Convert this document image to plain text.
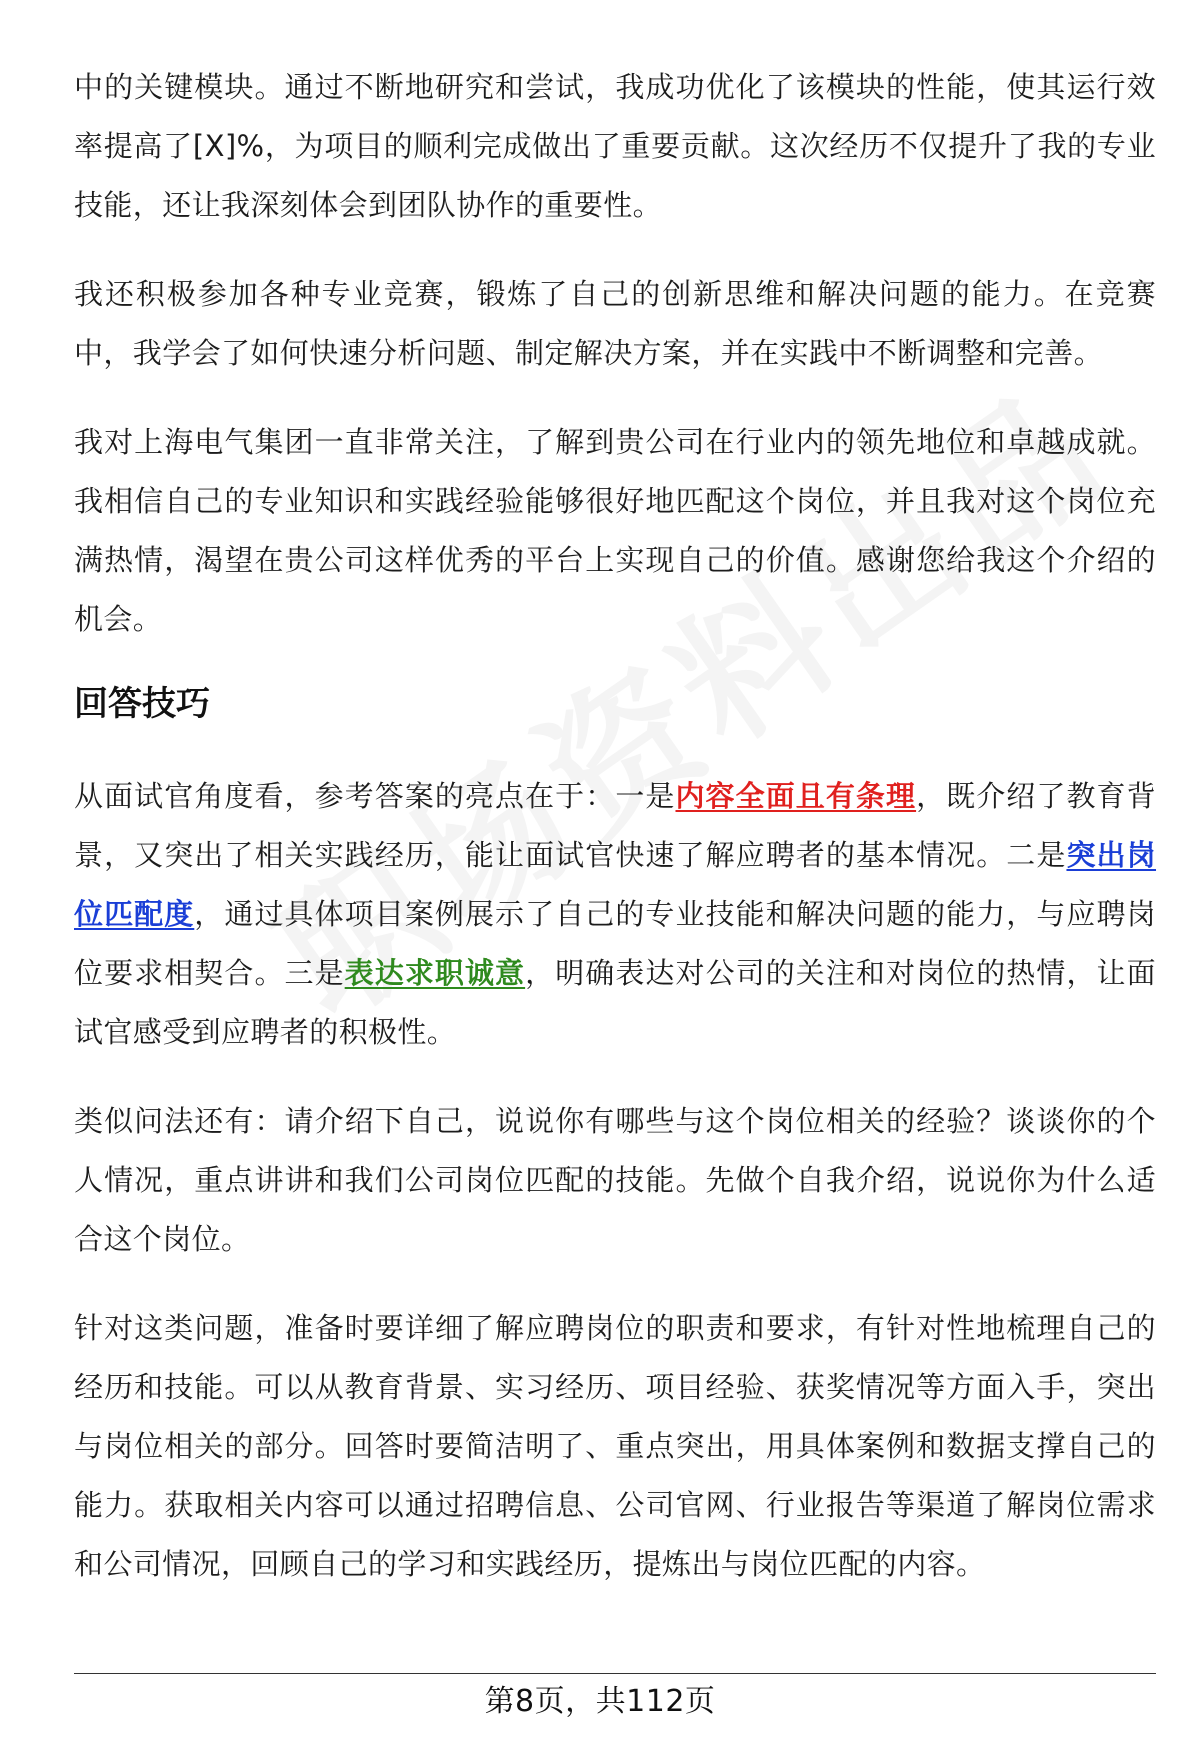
中的关键模块。通过不断地研究和尝试，我成功优化了该模块的性能，使其运行效率提高了[X]%，为项目的顺利完成做出了重要贡献。这次经历不仅提升了我的专业技能，还让我深刻体会到团队协作的重要性。

我还积极参加各种专业竞赛，锻炼了自己的创新思维和解决问题的能力。在竞赛中，我学会了如何快速分析问题、制定解决方案，并在实践中不断调整和完善。

我对上海电气集团一直非常关注，了解到贵公司在行业内的领先地位和卓越成就。我相信自己的专业知识和实践经验能够很好地匹配这个岗位，并且我对这个岗位充满热情，渴望在贵公司这样优秀的平台上实现自己的价值。感谢您给我这个介绍的机会。

回答技巧

从面试官角度看，参考答案的亮点在于：一是内容全面且有条理，既介绍了教育背景，又突出了相关实践经历，能让面试官快速了解应聘者的基本情况。二是突出岗位匹配度，通过具体项目案例展示了自己的专业技能和解决问题的能力，与应聘岗位要求相契合。三是表达求职诚意，明确表达对公司的关注和对岗位的热情，让面试官感受到应聘者的积极性。

类似问法还有：请介绍下自己，说说你有哪些与这个岗位相关的经验？谈谈你的个人情况，重点讲讲和我们公司岗位匹配的技能。先做个自我介绍，说说你为什么适合这个岗位。

针对这类问题，准备时要详细了解应聘岗位的职责和要求，有针对性地梳理自己的经历和技能。可以从教育背景、实习经历、项目经验、获奖情况等方面入手，突出与岗位相关的部分。回答时要简洁明了、重点突出，用具体案例和数据支撑自己的能力。获取相关内容可以通过招聘信息、公司官网、行业报告等渠道了解岗位需求和公司情况，回顾自己的学习和实践经历，提炼出与岗位匹配的内容。

第8页，共112页
